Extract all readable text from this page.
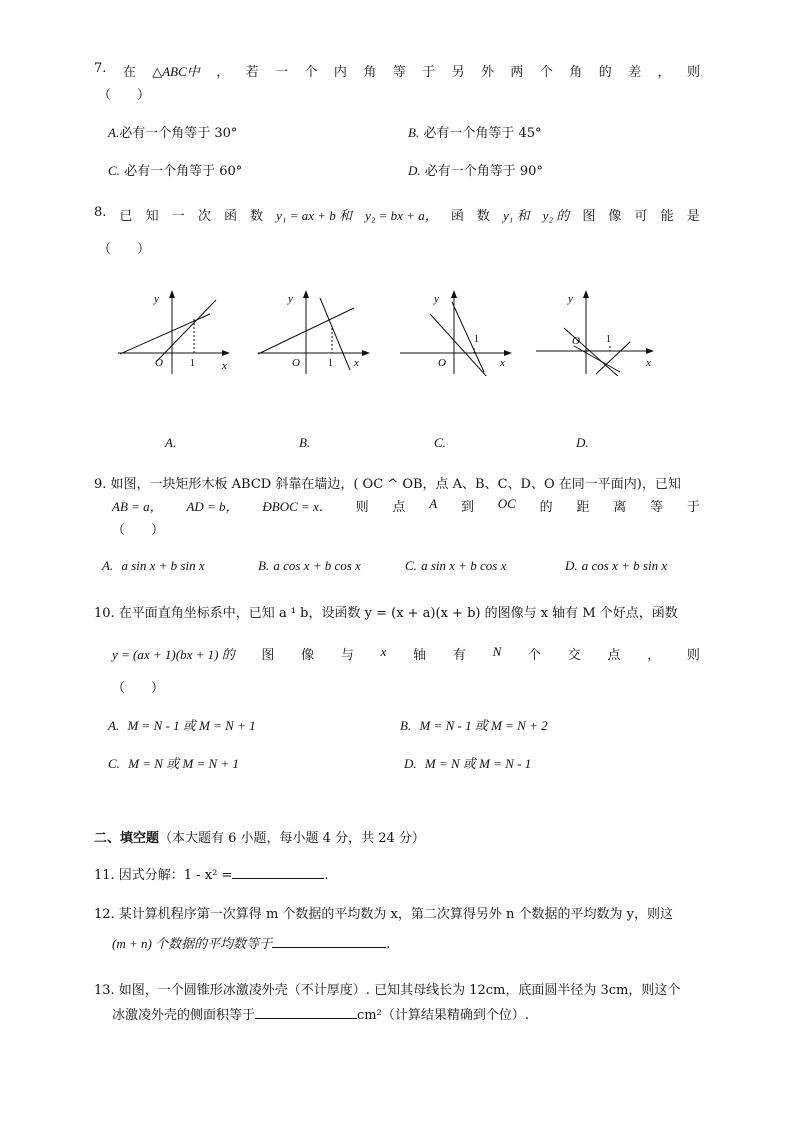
7. 在 △ABC中 ， 若 一 个 内 角 等 于 另 外 两 个 角 的 差 ， 则
（　　）
A.必有一个角等于 30°	B. 必有一个角等于 45°
C. 必有一个角等于 60°	D. 必有一个角等于 90°
8. 已 知 一 次 函 数 y₁ = ax + b 和 y₂ = bx + a， 函 数 y₁ 和 y₂ 的 图 像 可 能 是
（　　）
y
x
O	1
A.
y
x
O	1
B.
y
x
O
1
C.
y
x
O	1
D.
9. 如图，一块矩形木板 ABCD 斜靠在墙边，( OC ^ OB，点 A、B、C、D、O 在同一平面内)，已知
AB = a， AD = b， ÐBOC = x． 则 点 A 到 OC 的 距 离 等 于
（　　）
A. a sin x + b sin x	B. a cos x + b cos x	C. a sin x + b cos x	D. a cos x + b sin x
10. 在平面直角坐标系中，已知 a ¹ b，设函数 y = (x + a)(x + b) 的图像与 x 轴有 M 个好点，函数
y = (ax + 1)(bx + 1) 的 图 像 与 x 轴 有 N 个 交 点 ， 则
（　　）
A. M = N - 1 或 M = N + 1	B. M = N - 1 或 M = N + 2
C. M = N 或 M = N + 1	D. M = N 或 M = N - 1
二、填空题（本大题有 6 小题，每小题 4 分，共 24 分）
11. 因式分解：1 - x² =	.
12. 某计算机程序第一次算得 m 个数据的平均数为 x，第二次算得另外 n 个数据的平均数为 y，则这
(m + n) 个数据的平均数等于	.
13. 如图，一个圆锥形冰激凌外壳（不计厚度）. 已知其母线长为 12cm，底面圆半径为 3cm，则这个
冰激凌外壳的侧面积等于	cm²（计算结果精确到个位）.
